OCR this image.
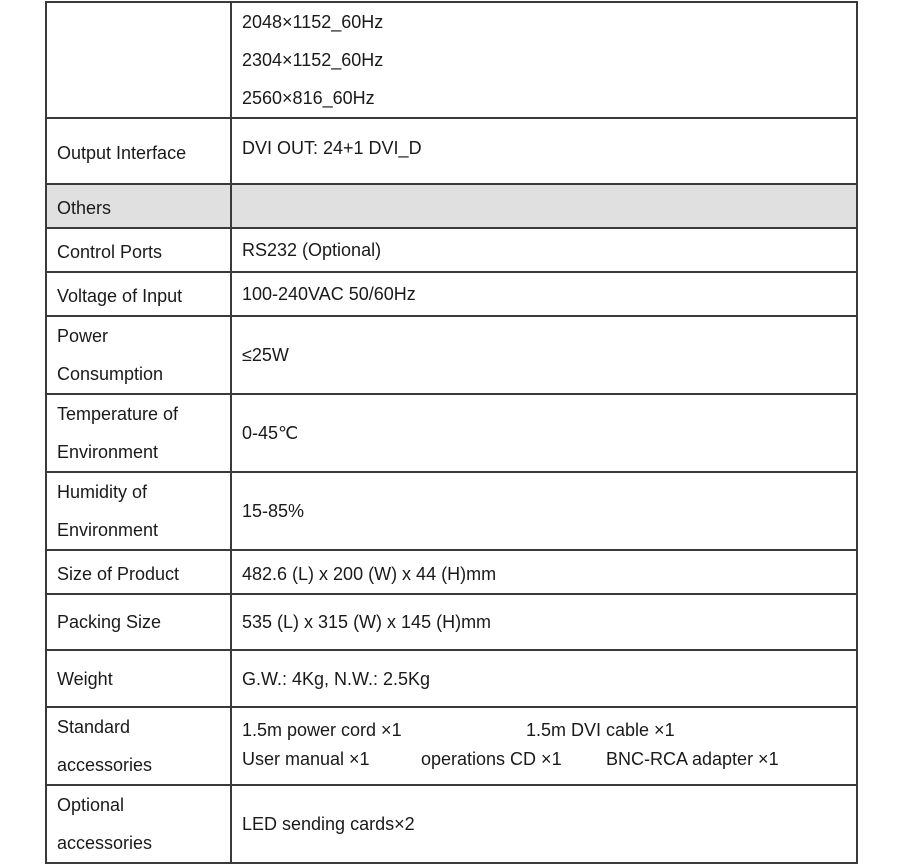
	2048×1152_60Hz
2304×1152_60Hz
2560×816_60Hz

Output Interface	DVI OUT: 24+1 DVI_D
Others	
Control Ports	RS232 (Optional)
Voltage of Input	100-240VAC 50/60Hz

Power
Consumption	≤25W

Temperature of
Environment	0-45℃

Humidity of
Environment	15-85%
Size of Product	482.6 (L) x 200 (W) x 44 (H)mm
Packing Size	535 (L) x 315 (W) x 145 (H)mm
Weight	G.W.: 4Kg, N.W.: 2.5Kg

Standard
accessories	1.5m power cord ×1 1.5m DVI cable ×1
User manual ×1 operations CD ×1 BNC-RCA adapter ×1

Optional
accessories	LED sending cards×2
